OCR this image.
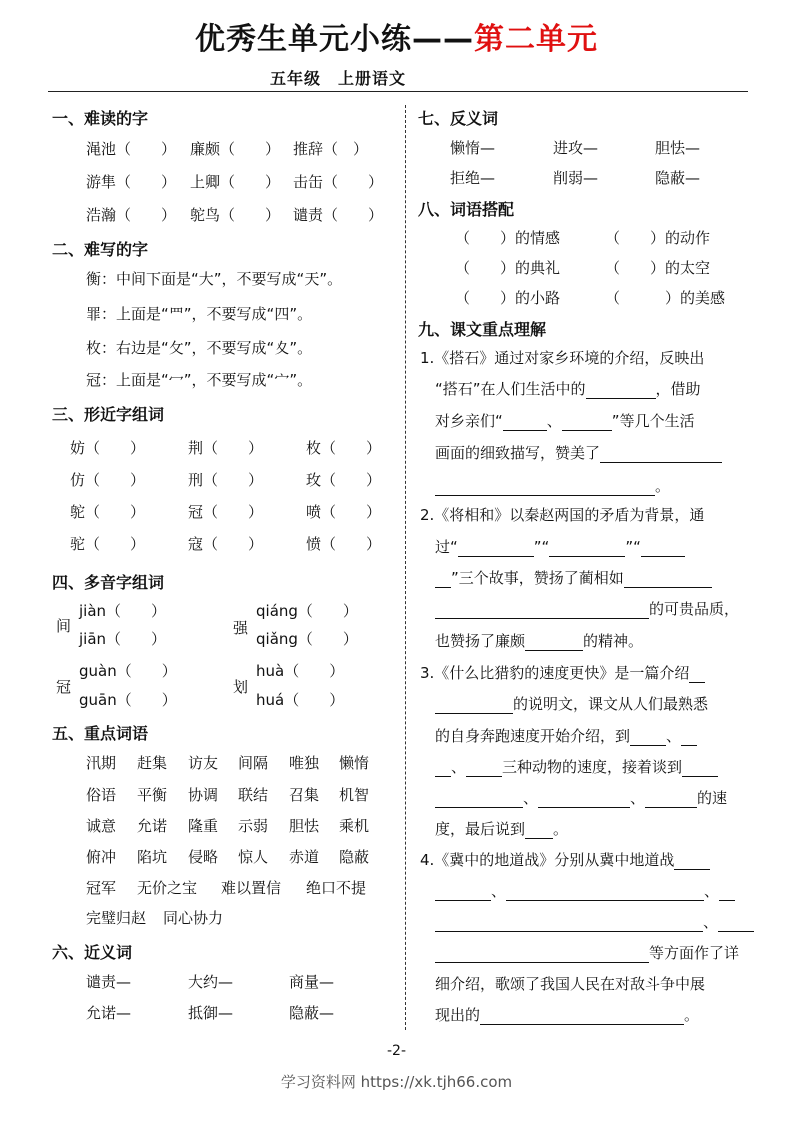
优秀生单元小练——第二单元
五年级　上册语文
一、难读的字
渑池（　　） 廉颇（　　） 推辞（　）
游隼（　　） 上卿（　　） 击缶（　　）
浩瀚（　　） 鸵鸟（　　） 谴责（　　）
二、难写的字
衡：中间下面是“大”，不要写成“天”。
罪：上面是“罒”，不要写成“四”。
枚：右边是“攵”，不要写成“夊”。
冠：上面是“冖”，不要写成“宀”。
三、形近字组词
妨（　　）	荆（　　）	枚（　　）
仿（　　）	刑（　　）	玫（　　）
鸵（　　）	冠（　　）	喷（　　）
驼（　　）	寇（　　）	愤（　　）
四、多音字组词
间
jiàn（　　）
jiān（　　）
强
qiáng（　　）
qiǎng（　　）
冠
guàn（　　）
guān（　　）
划
huà（　　）
huá（　　）
五、重点词语
汛期 赶集 访友 间隔 唯独 懒惰
俗语 平衡 协调 联结 召集 机智
诚意 允诺 隆重 示弱 胆怯 乘机
俯冲 陷坑 侵略 惊人 赤道 隐蔽
冠军 无价之宝 难以置信 绝口不提
完璧归赵 同心协力
六、近义词
谴责—	大约—	商量—
允诺—	抵御—	隐蔽—
七、反义词
懒惰—	进攻—	胆怯—
拒绝—	削弱—	隐蔽—
八、词语搭配
（　　）的情感	（　　）的动作
（　　）的典礼	（　　）的太空
（　　）的小路	（　　　）的美感
九、课文重点理解
1.《搭石》通过对家乡环境的介绍，反映出
“搭石”在人们生活中的	，借助
对乡亲们“	、	”等几个生活
画面的细致描写，赞美了
。
2.《将相和》以秦赵两国的矛盾为背景，通
过“	”“	”“
”三个故事，赞扬了蔺相如
的可贵品质，
也赞扬了廉颇	的精神。
3.《什么比猎豹的速度更快》是一篇介绍
的说明文，课文从人们最熟悉
的自身奔跑速度开始介绍，到 、
、 三种动物的速度，接着谈到
、	、	的速
度，最后说到 。
4.《冀中的地道战》分别从冀中地道战
、	、
、
等方面作了详
细介绍，歌颂了我国人民在对敌斗争中展
现出的	。
-2-
学习资料网 https://xk.tjh66.com
